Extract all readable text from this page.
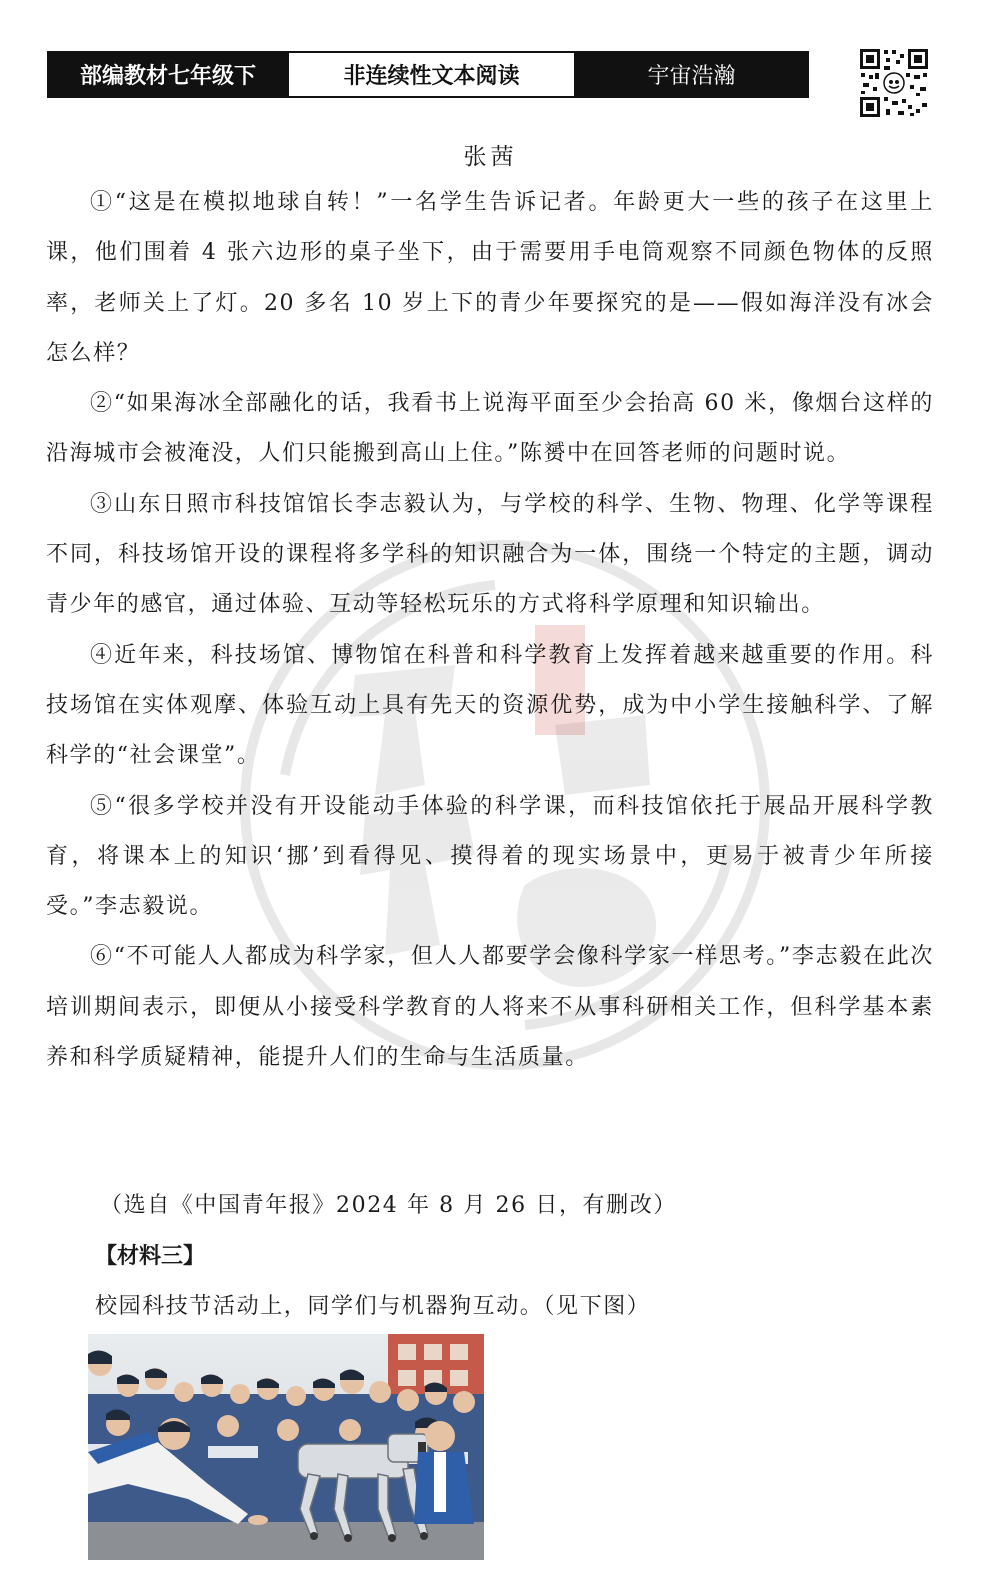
部编教材七年级下	非连续性文本阅读	宇宙浩瀚
张茜

①“这是在模拟地球自转！”一名学生告诉记者。年龄更大一些的孩子在这里上课，他们围着 4 张六边形的桌子坐下，由于需要用手电筒观察不同颜色物体的反照率，老师关上了灯。20 多名 10 岁上下的青少年要探究的是——假如海洋没有冰会怎么样？

②“如果海冰全部融化的话，我看书上说海平面至少会抬高 60 米，像烟台这样的沿海城市会被淹没，人们只能搬到高山上住。”陈赟中在回答老师的问题时说。

③山东日照市科技馆馆长李志毅认为，与学校的科学、生物、物理、化学等课程不同，科技场馆开设的课程将多学科的知识融合为一体，围绕一个特定的主题，调动青少年的感官，通过体验、互动等轻松玩乐的方式将科学原理和知识输出。

④近年来，科技场馆、博物馆在科普和科学教育上发挥着越来越重要的作用。科技场馆在实体观摩、体验互动上具有先天的资源优势，成为中小学生接触科学、了解科学的“社会课堂”。

⑤“很多学校并没有开设能动手体验的科学课，而科技馆依托于展品开展科学教育，将课本上的知识‘挪’到看得见、摸得着的现实场景中，更易于被青少年所接受。”李志毅说。

⑥“不可能人人都成为科学家，但人人都要学会像科学家一样思考。”李志毅在此次培训期间表示，即便从小接受科学教育的人将来不从事科研相关工作，但科学基本素养和科学质疑精神，能提升人们的生命与生活质量。

（选自《中国青年报》2024 年 8 月 26 日，有删改）
【材料三】
校园科技节活动上，同学们与机器狗互动。（见下图）
